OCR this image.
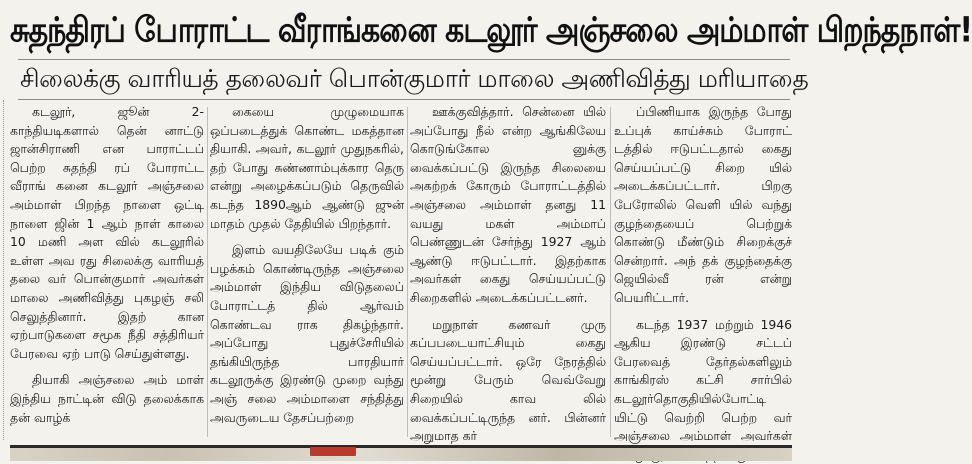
சுதந்திரப் போராட்ட வீராங்கனை கடலூர் அஞ்சலை அம்மாள் பிறந்தநாள்!
சிலைக்கு வாரியத் தலைவர் பொன்குமார் மாலை அணிவித்து மரியாதை

கடலூர், ஜூன் 2- காந்தியடிகளால் தென் னாட்டு ஜான்சிராணி என பாராட்டப் பெற்ற சுதந்தி ரப் போராட்ட வீராங் கனை கடலூர் அஞ்சலை அம்மாள் பிறந்த நாளை ஒட்டி நாளை ஜின் 1 ஆம் நாள் காலை 10 மணி அள வில் கடலூரில் உள்ள அவ ரது சிலைக்கு வாரியத் தலை வர் பொன்குமார் அவர்கள் மாலை அணிவித்து புகழஞ் சலி செலுத்தினார். இதற் கான ஏற்பாடுகளை சமூக நீதி சத்திரியர் பேரவை ஏற் பாடு செய்துள்ளது.

தியாகி அஞ்சலை அம் மாள் இந்திய நாட்டின் விடு தலைக்காக தன் வாழ்க்

கையை முழுமையாக ஒப்படைத்துக் கொண்ட மகத்தான தியாகி. அவர், கடலூர் முதுநகரில், தற் போது சுண்ணாம்புக்கார தெரு என்று அழைக்கப்படும் தெருவில் கடந்த 1890ஆம் ஆண்டு ஜுன் மாதம் முதல் தேதியில் பிறந்தார்.

இளம் வயதிலேயே படிக் கும் பழக்கம் கொண்டிருந்த அஞ்சலை அம்மாள் இந்திய விடுதலைப் போராட்டத் தில் ஆர்வம் கொண்டவ ராக திகழ்ந்தார். அப்போது புதுச்சேரியில் தங்கியிருந்த பாரதியார் கடலூருக்கு இரண்டு முறை வந்து அஞ் சலை அம்மாளை சந்தித்து அவருடைய தேசப்பற்றை

ஊக்குவித்தார். சென்னை யில் அப்போது நீல் என்ற ஆங்கிலேய கொடுங்கோல னுக்கு வைக்கப்பட்டு இருந்த சிலையை அகற்றக் கோரும் போராட்டத்தில் அஞ்சலை அம்மாள் தனது 11 வயது மகள் அம்மாப் பெண்ணுடன் சேர்ந்து 1927 ஆம் ஆண்டு ஈடுபட்டார். இதற்காக அவர்கள் கைது செய்யப்பட்டு சிறைகளில் அடைக்கப்பட்டனர்.

மறுநாள் கணவர் முரு கப்பபடையாட்சியும் கைது செய்யப்பட்டார். ஒரே நேரத்தில் மூன்று பேரும் வெவ்வேறு சிறையில் காவ லில் வைக்கப்பட்டிருந்த னர். பின்னர் அறுமாத கர்

ப்பிணியாக இருந்த போது உப்புக் காய்ச்சும் போராட் டத்தில் ஈடுபட்டதால் கைது செய்யப்பட்டு சிறை யில் அடைக்கப்பட்டார். பிறகு பேரோலில் வெளி யில் வந்து குழந்தையைப் பெற்றுக் கொண்டு மீண்டும் சிறைக்குச் சென்றார். அந் தக் குழந்தைக்கு ஜெயில்வீ ரன் என்று பெயரிட்டார்.

கடந்த 1937 மற்றும் 1946 ஆகிய இரண்டு சட்டப் பேரவைத் தேர்தல்களிலும் காங்கிரஸ் கட்சி சார்பில் கடலூர்தொகுதியில்போட்டி யிட்டு வெற்றி பெற்ற வர் அஞ்சலை அம்மாள் அவர்கள்
